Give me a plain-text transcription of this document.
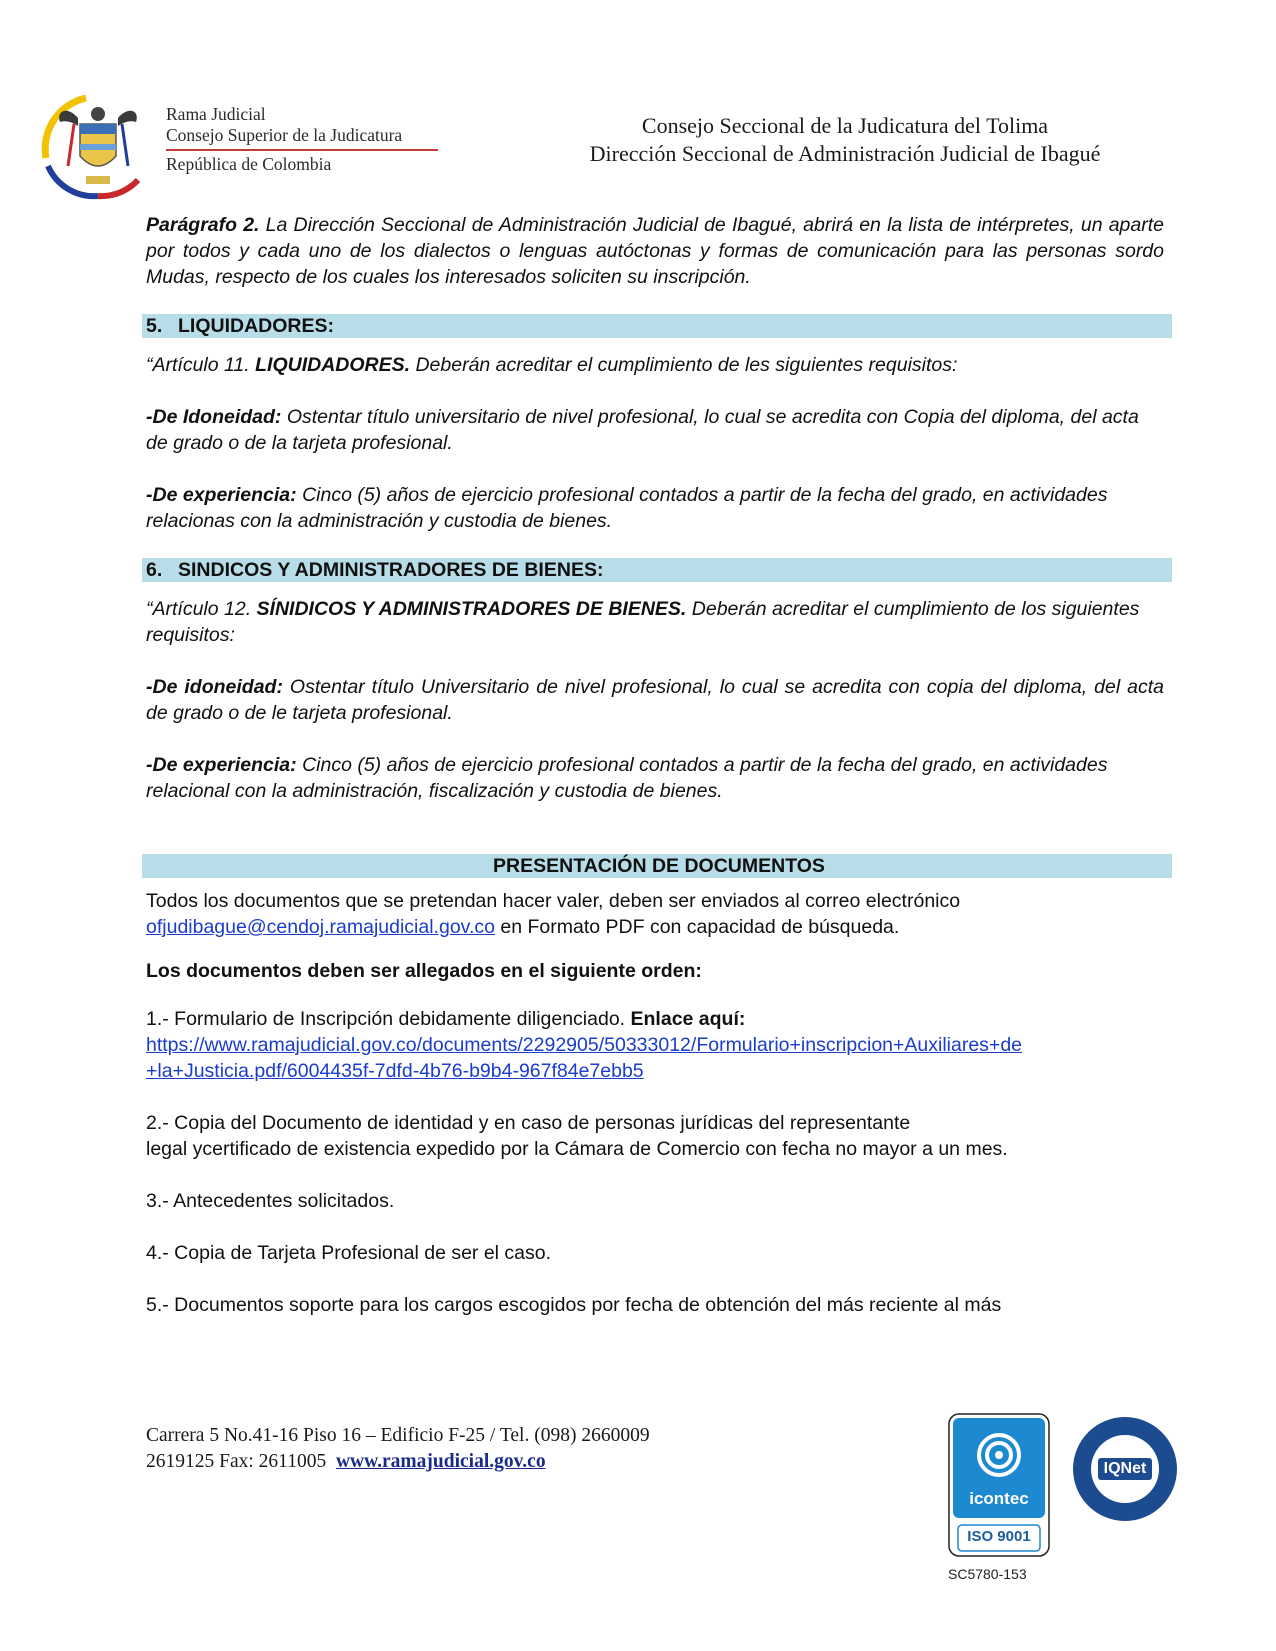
Rama Judicial
Consejo Superior de la Judicatura
República de Colombia
Consejo Seccional de la Judicatura del Tolima
Dirección Seccional de Administración Judicial de Ibagué

Parágrafo 2. La Dirección Seccional de Administración Judicial de Ibagué, abrirá en la lista de intérpretes, un aparte por todos y cada uno de los dialectos o lenguas autóctonas y formas de comunicación para las personas sordo Mudas, respecto de los cuales los interesados soliciten su inscripción.

5. LIQUIDADORES:

“Artículo 11. LIQUIDADORES. Deberán acreditar el cumplimiento de les siguientes requisitos:

-De Idoneidad: Ostentar título universitario de nivel profesional, lo cual se acredita con Copia del diploma, del acta de grado o de la tarjeta profesional.

-De experiencia: Cinco (5) años de ejercicio profesional contados a partir de la fecha del grado, en actividades relacionas con la administración y custodia de bienes.

6. SINDICOS Y ADMINISTRADORES DE BIENES:

“Artículo 12. SÍNIDICOS Y ADMINISTRADORES DE BIENES. Deberán acreditar el cumplimiento de los siguientes requisitos:

-De idoneidad: Ostentar título Universitario de nivel profesional, lo cual se acredita con copia del diploma, del acta de grado o de le tarjeta profesional.

-De experiencia: Cinco (5) años de ejercicio profesional contados a partir de la fecha del grado, en actividades relacional con la administración, fiscalización y custodia de bienes.

PRESENTACIÓN DE DOCUMENTOS

Todos los documentos que se pretendan hacer valer, deben ser enviados al correo electrónico
ofjudibague@cendoj.ramajudicial.gov.co en Formato PDF con capacidad de búsqueda.

Los documentos deben ser allegados en el siguiente orden:

1.- Formulario de Inscripción debidamente diligenciado. Enlace aquí:
https://www.ramajudicial.gov.co/documents/2292905/50333012/Formulario+inscripcion+Auxiliares+de
+la+Justicia.pdf/6004435f-7dfd-4b76-b9b4-967f84e7ebb5

2.- Copia del Documento de identidad y en caso de personas jurídicas del representante
legal ycertificado de existencia expedido por la Cámara de Comercio con fecha no mayor a un mes.

3.- Antecedentes solicitados.

4.- Copia de Tarjeta Profesional de ser el caso.

5.- Documentos soporte para los cargos escogidos por fecha de obtención del más reciente al más

Carrera 5 No.41-16 Piso 16 – Edificio F-25 / Tel. (098) 2660009
2619125 Fax: 2611005  www.ramajudicial.gov.co
icontec
ISO 9001
IQNet
SC5780-153
